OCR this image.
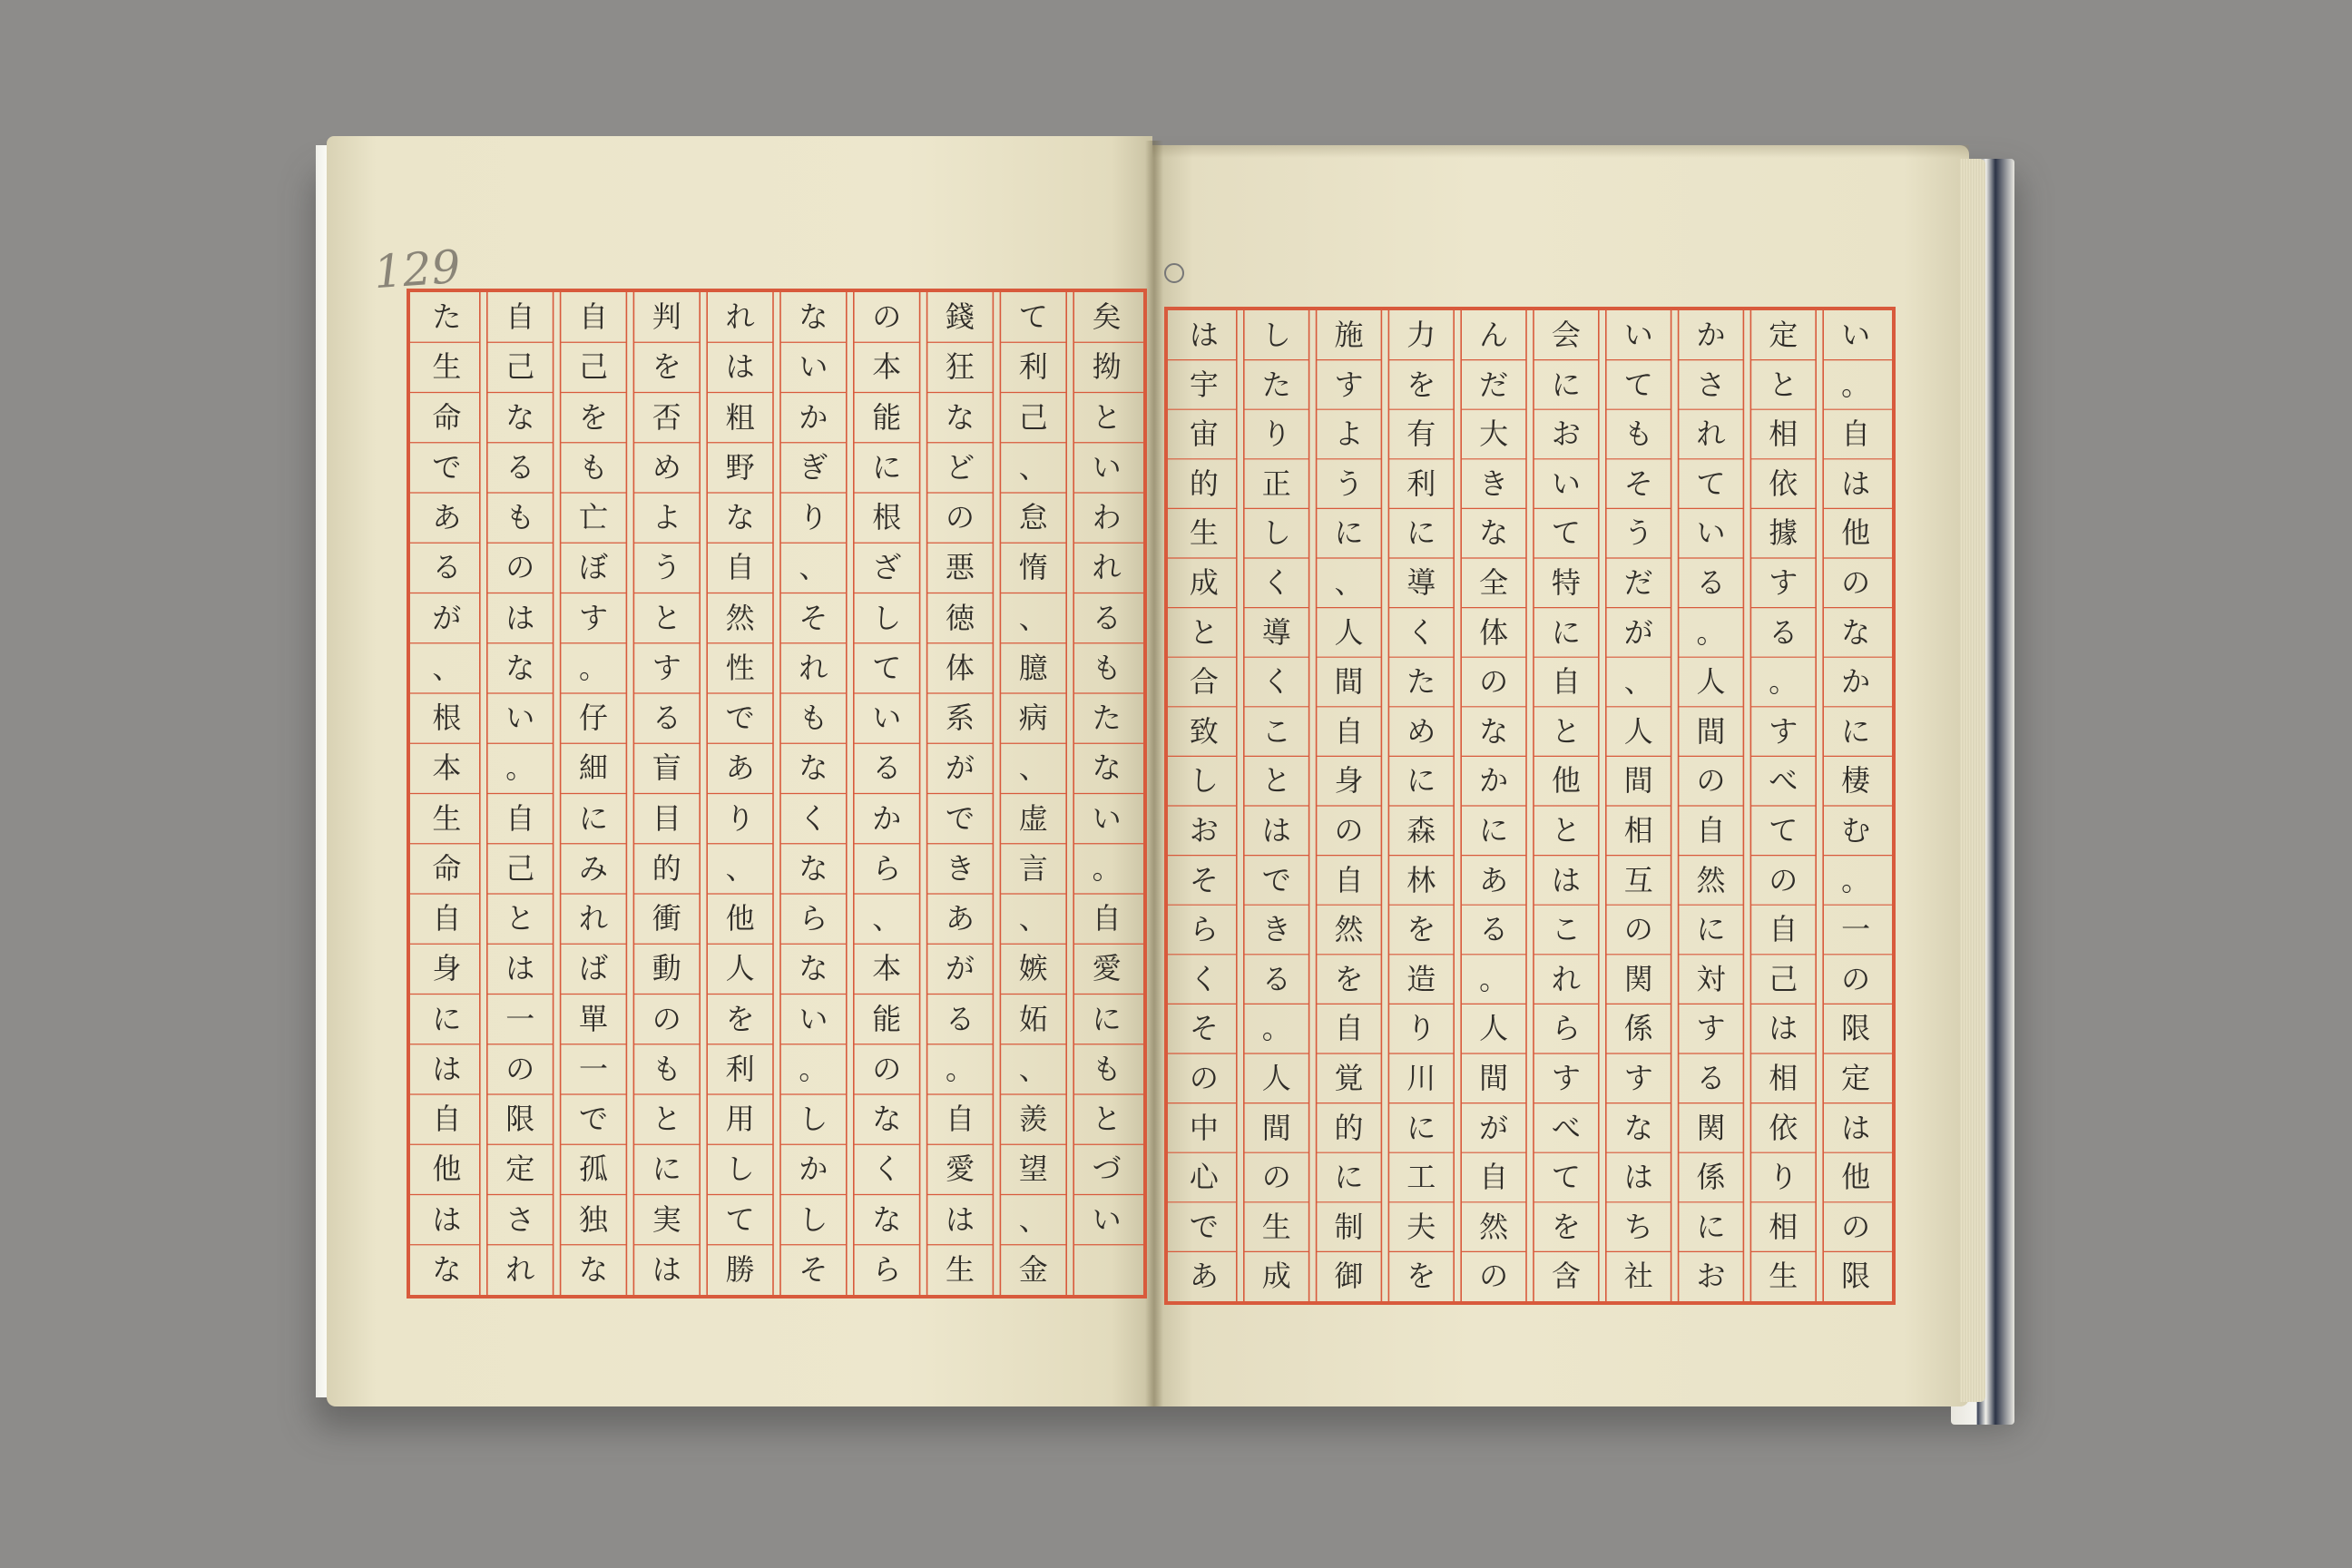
129
た
生
命
で
あ
る
が
、
根
本
生
命
自
身
に
は
自
他
は
な
自
己
な
る
も
の
は
な
い
。
自
己
と
は
一
の
限
定
さ
れ
自
己
を
も
亡
ぼ
す
。
仔
細
に
み
れ
ば
單
一
で
孤
独
な
判
を
否
め
よ
う
と
す
る
盲
目
的
衝
動
の
も
と
に
実
は
れ
は
粗
野
な
自
然
性
で
あ
り
、
他
人
を
利
用
し
て
勝
な
い
か
ぎ
り
、
そ
れ
も
な
く
な
ら
な
い
。
し
か
し
そ
の
本
能
に
根
ざ
し
て
い
る
か
ら
、
本
能
の
な
く
な
ら
錢
狂
な
ど
の
悪
徳
体
系
が
で
き
あ
が
る
。
自
愛
は
生
て
利
己
、
怠
惰
、
臆
病
、
虚
言
、
嫉
妬
、
羨
望
、
金
矣
拗
と
い
わ
れ
る
も
た
な
い
。
自
愛
に
も
と
づ
い
は
宇
宙
的
生
成
と
合
致
し
お
そ
ら
く
そ
の
中
心
で
あ
し
た
り
正
し
く
導
く
こ
と
は
で
き
る
。
人
間
の
生
成
施
す
よ
う
に
、
人
間
自
身
の
自
然
を
自
覚
的
に
制
御
力
を
有
利
に
導
く
た
め
に
森
林
を
造
り
川
に
工
夫
を
ん
だ
大
き
な
全
体
の
な
か
に
あ
る
。
人
間
が
自
然
の
会
に
お
い
て
特
に
自
と
他
と
は
こ
れ
ら
す
べ
て
を
含
い
て
も
そ
う
だ
が
、
人
間
相
互
の
関
係
す
な
は
ち
社
か
さ
れ
て
い
る
。
人
間
の
自
然
に
対
す
る
関
係
に
お
定
と
相
依
據
す
る
。
す
べ
て
の
自
己
は
相
依
り
相
生
い
。
自
は
他
の
な
か
に
棲
む
。
一
の
限
定
は
他
の
限
